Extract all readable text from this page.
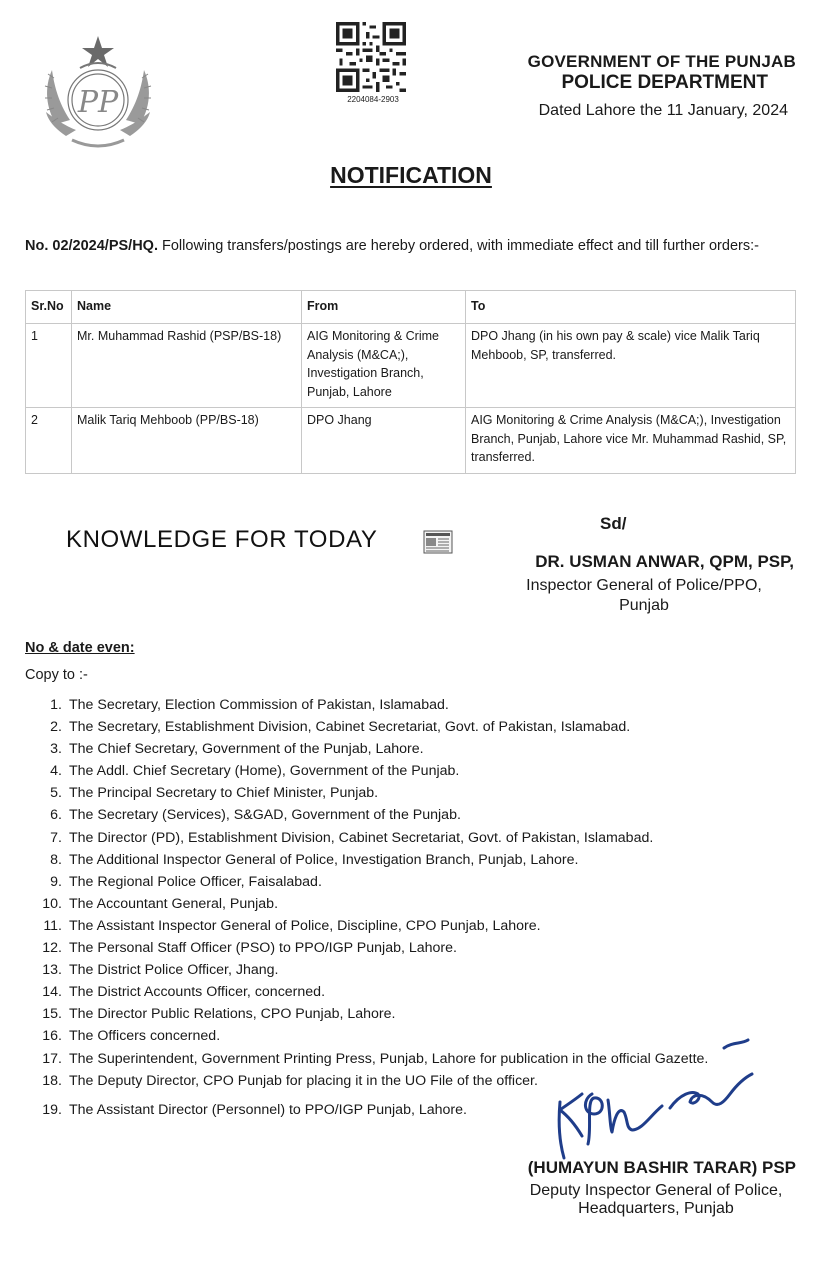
PP	2204084-2903
GOVERNMENT OF THE PUNJAB
POLICE DEPARTMENT
Dated Lahore the 11 January, 2024
NOTIFICATION
No. 02/2024/PS/HQ. Following transfers/postings are hereby ordered, with immediate effect and till further orders:-
Sr.No	Name	From	To
1	Mr. Muhammad Rashid (PSP/BS-18)	AIG Monitoring & Crime Analysis (M&CA;), Investigation Branch, Punjab, Lahore	DPO Jhang (in his own pay & scale) vice Malik Tariq Mehboob, SP, transferred.
2	Malik Tariq Mehboob (PP/BS-18)	DPO Jhang	AIG Monitoring & Crime Analysis (M&CA;), Investigation Branch, Punjab, Lahore vice Mr. Muhammad Rashid, SP, transferred.
KNOWLEDGE FOR TODAY
Sd/
DR. USMAN ANWAR, QPM, PSP,
Inspector General of Police/PPO,
Punjab
No & date even:
Copy to :-
1. The Secretary, Election Commission of Pakistan, Islamabad.
2. The Secretary, Establishment Division, Cabinet Secretariat, Govt. of Pakistan, Islamabad.
3. The Chief Secretary, Government of the Punjab, Lahore.
4. The Addl. Chief Secretary (Home), Government of the Punjab.
5. The Principal Secretary to Chief Minister, Punjab.
6. The Secretary (Services), S&GAD, Government of the Punjab.
7. The Director (PD), Establishment Division, Cabinet Secretariat, Govt. of Pakistan, Islamabad.
8. The Additional Inspector General of Police, Investigation Branch, Punjab, Lahore.
9. The Regional Police Officer, Faisalabad.
10. The Accountant General, Punjab.
11. The Assistant Inspector General of Police, Discipline, CPO Punjab, Lahore.
12. The Personal Staff Officer (PSO) to PPO/IGP Punjab, Lahore.
13. The District Police Officer, Jhang.
14. The District Accounts Officer, concerned.
15. The Director Public Relations, CPO Punjab, Lahore.
16. The Officers concerned.
17. The Superintendent, Government Printing Press, Punjab, Lahore for publication in the official Gazette.
18. The Deputy Director, CPO Punjab for placing it in the UO File of the officer.
19. The Assistant Director (Personnel) to PPO/IGP Punjab, Lahore.
(HUMAYUN BASHIR TARAR) PSP
Deputy Inspector General of Police,
Headquarters, Punjab
